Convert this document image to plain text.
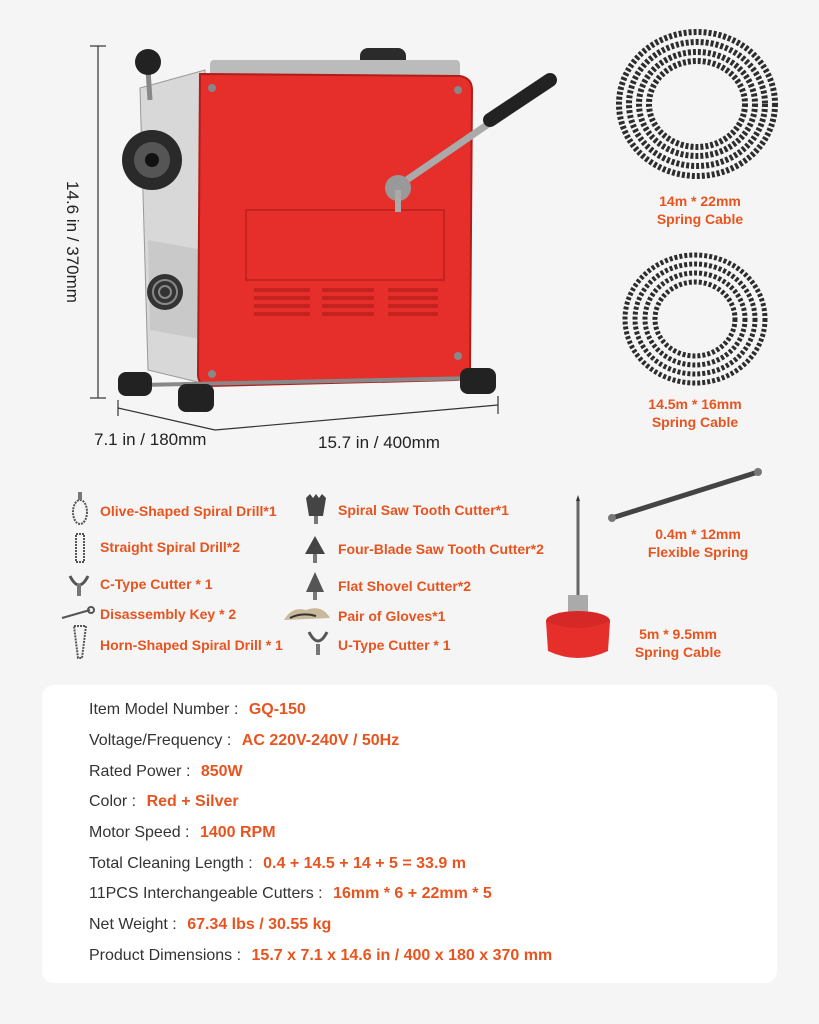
14.6 in / 370mm
7.1 in / 180mm	15.7 in / 400mm
14m * 22mm
Spring Cable
14.5m * 16mm
Spring Cable
0.4m * 12mm
Flexible Spring
5m * 9.5mm
Spring Cable
Olive-Shaped Spiral Drill*1
Straight Spiral Drill*2
C-Type Cutter * 1
Disassembly Key * 2
Horn-Shaped Spiral Drill * 1
Spiral Saw Tooth Cutter*1
Four-Blade Saw Tooth Cutter*2
Flat Shovel Cutter*2
Pair of Gloves*1
U-Type Cutter * 1
Item Model Number : GQ-150
Voltage/Frequency : AC 220V-240V / 50Hz
Rated Power : 850W
Color : Red + Silver
Motor Speed : 1400 RPM
Total Cleaning Length : 0.4 + 14.5 + 14 + 5 = 33.9 m
11PCS Interchangeable Cutters : 16mm * 6 + 22mm * 5
Net Weight : 67.34 lbs / 30.55 kg
Product Dimensions : 15.7 x 7.1 x 14.6 in / 400 x 180 x 370 mm
